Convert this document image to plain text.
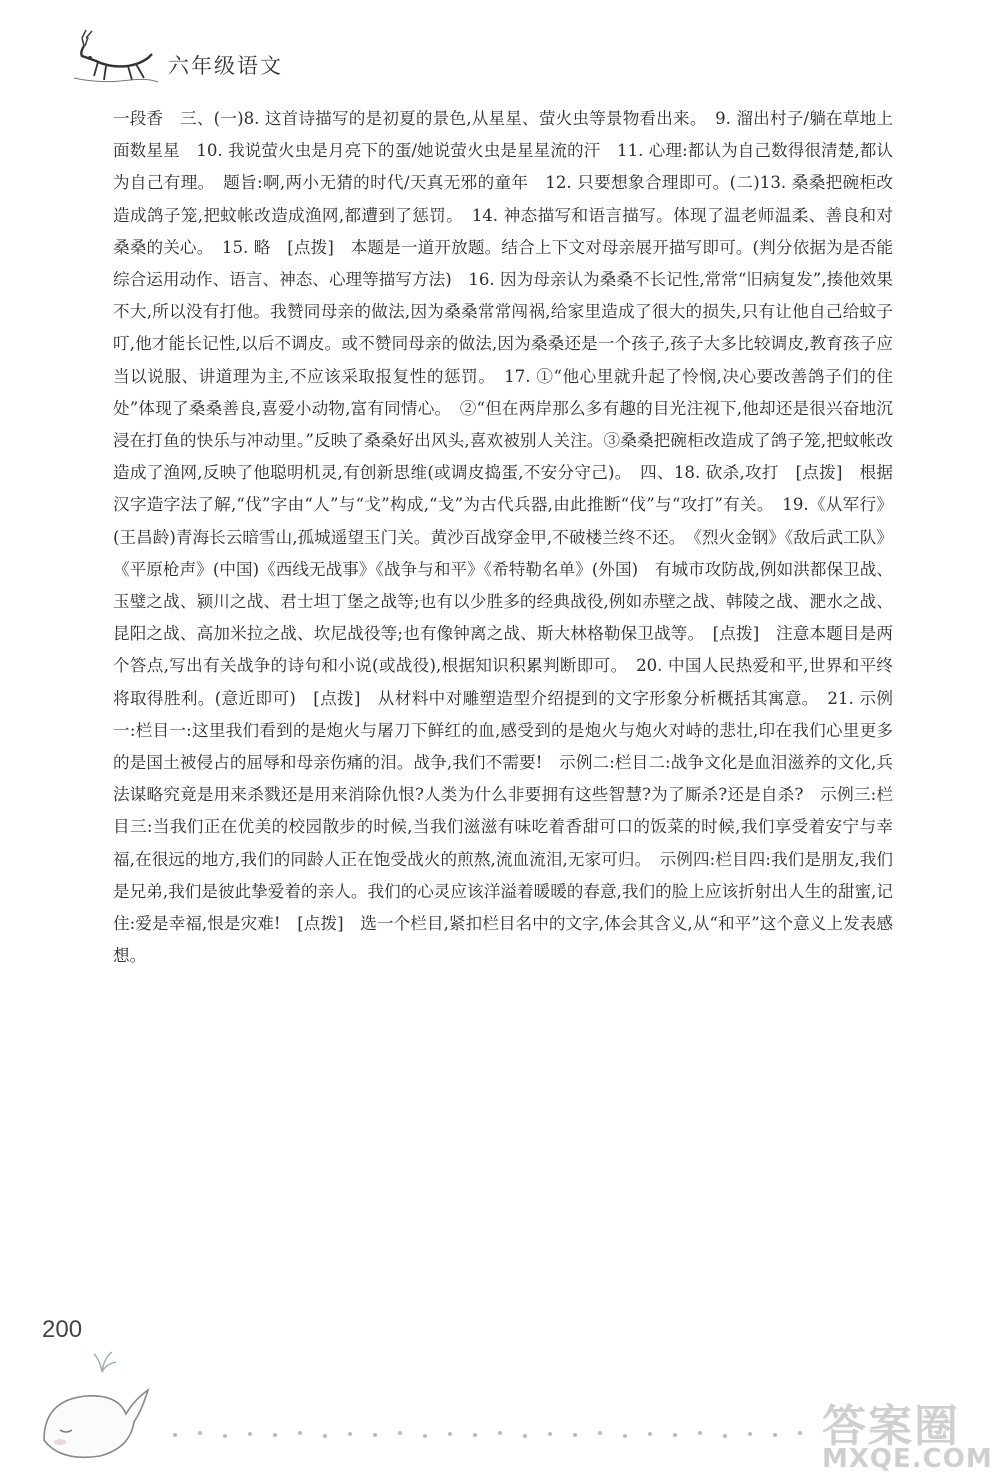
六年级语文
一段香　三、(一)8. 这首诗描写的是初夏的景色,从星星、萤火虫等景物看出来。　9. 溜出村子/躺在草地上面数星星　10. 我说萤火虫是月亮下的蛋/她说萤火虫是星星流的汗　11. 心理:都认为自己数得很清楚,都认为自己有理。　题旨:啊,两小无猜的时代/天真无邪的童年　12. 只要想象合理即可。(二)13. 桑桑把碗柜改造成鸽子笼,把蚊帐改造成渔网,都遭到了惩罚。　14. 神态描写和语言描写。体现了温老师温柔、善良和对桑桑的关心。　15. 略　[点拨]　本题是一道开放题。结合上下文对母亲展开描写即可。(判分依据为是否能综合运用动作、语言、神态、心理等描写方法)　16. 因为母亲认为桑桑不长记性,常常“旧病复发”,揍他效果不大,所以没有打他。我赞同母亲的做法,因为桑桑常常闯祸,给家里造成了很大的损失,只有让他自己给蚊子叮,他才能长记性,以后不调皮。或不赞同母亲的做法,因为桑桑还是一个孩子,孩子大多比较调皮,教育孩子应当以说服、讲道理为主,不应该采取报复性的惩罚。　17. ①“他心里就升起了怜悯,决心要改善鸽子们的住处”体现了桑桑善良,喜爱小动物,富有同情心。　②“但在两岸那么多有趣的目光注视下,他却还是很兴奋地沉浸在打鱼的快乐与冲动里。”反映了桑桑好出风头,喜欢被别人关注。③桑桑把碗柜改造成了鸽子笼,把蚊帐改造成了渔网,反映了他聪明机灵,有创新思维(或调皮捣蛋,不安分守己)。　四、18. 砍杀,攻打　[点拨]　根据汉字造字法了解,“伐”字由“人”与“戈”构成,“戈”为古代兵器,由此推断“伐”与“攻打”有关。　19.《从军行》(王昌龄)青海长云暗雪山,孤城遥望玉门关。黄沙百战穿金甲,不破楼兰终不还。　《烈火金钢》《敌后武工队》《平原枪声》(中国)《西线无战事》《战争与和平》《希特勒名单》(外国)　有城市攻防战,例如洪都保卫战、玉璧之战、颍川之战、君士坦丁堡之战等;也有以少胜多的经典战役,例如赤壁之战、韩陵之战、淝水之战、昆阳之战、高加米拉之战、坎尼战役等;也有像钟离之战、斯大林格勒保卫战等。　[点拨]　注意本题目是两个答点,写出有关战争的诗句和小说(或战役),根据知识积累判断即可。　20. 中国人民热爱和平,世界和平终将取得胜利。(意近即可)　[点拨]　从材料中对雕塑造型介绍提到的文字形象分析概括其寓意。　21. 示例一:栏目一:这里我们看到的是炮火与屠刀下鲜红的血,感受到的是炮火与炮火对峙的悲壮,印在我们心里更多的是国土被侵占的屈辱和母亲伤痛的泪。战争,我们不需要!　示例二:栏目二:战争文化是血泪滋养的文化,兵法谋略究竟是用来杀戮还是用来消除仇恨?人类为什么非要拥有这些智慧?为了厮杀?还是自杀?　示例三:栏目三:当我们正在优美的校园散步的时候,当我们滋滋有味吃着香甜可口的饭菜的时候,我们享受着安宁与幸福,在很远的地方,我们的同龄人正在饱受战火的煎熬,流血流泪,无家可归。　示例四:栏目四:我们是朋友,我们是兄弟,我们是彼此挚爱着的亲人。我们的心灵应该洋溢着暖暖的春意,我们的脸上应该折射出人生的甜蜜,记住:爱是幸福,恨是灾难!　[点拨]　选一个栏目,紧扣栏目名中的文字,体会其含义,从“和平”这个意义上发表感想。
200
答案圈
MXQE.COM
